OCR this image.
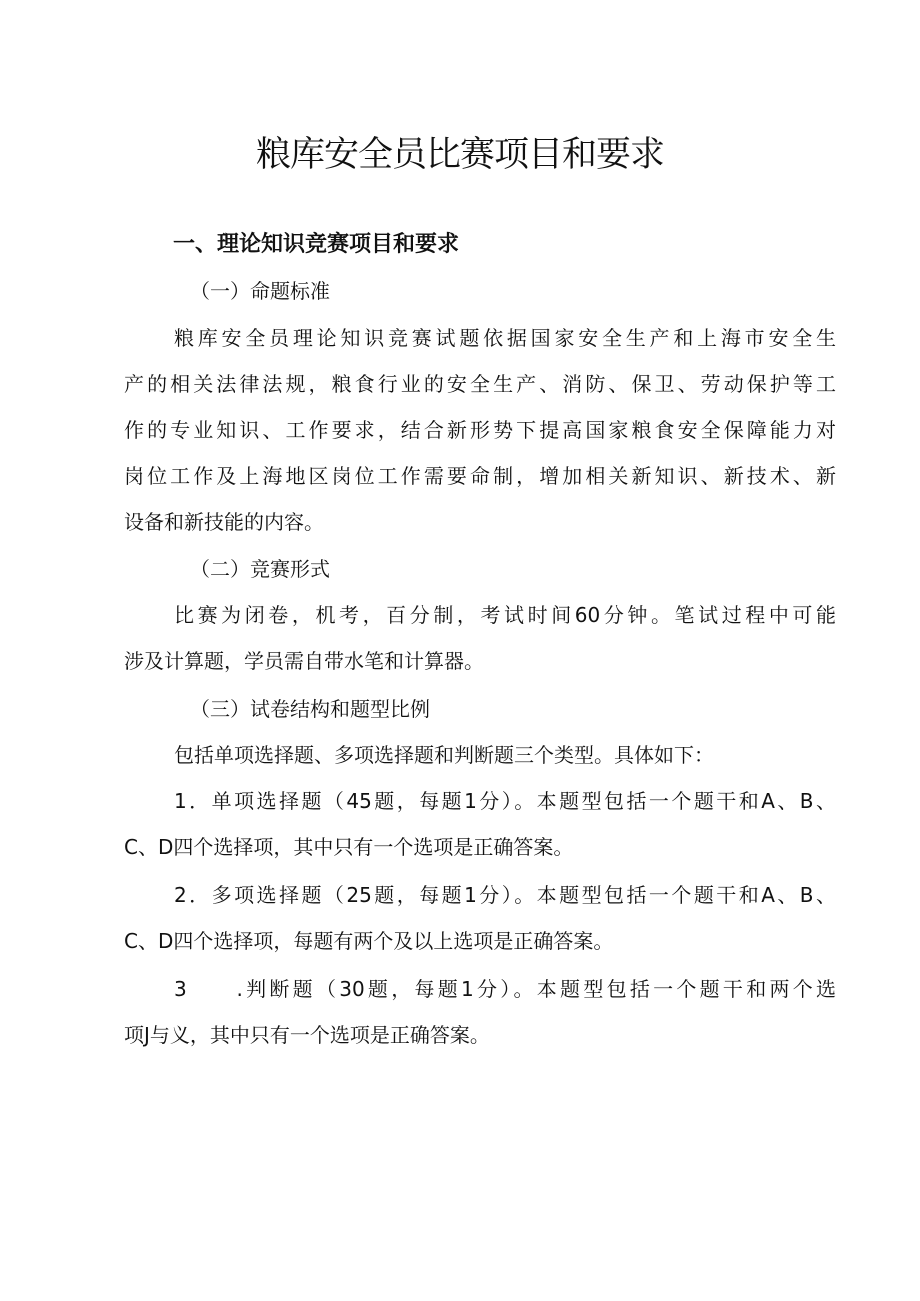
粮库安全员比赛项目和要求
一、理论知识竞赛项目和要求
（一）命题标准
粮库安全员理论知识竞赛试题依据国家安全生产和上海市安全生
产的相关法律法规，粮食行业的安全生产、消防、保卫、劳动保护等工
作的专业知识、工作要求，结合新形势下提高国家粮食安全保障能力对
岗位工作及上海地区岗位工作需要命制，增加相关新知识、新技术、新
设备和新技能的内容。
（二）竞赛形式
比赛为闭卷，机考，百分制，考试时间60分钟。笔试过程中可能
涉及计算题，学员需自带水笔和计算器。
（三）试卷结构和题型比例
包括单项选择题、多项选择题和判断题三个类型。具体如下：
1．单项选择题（45题，每题1分）。本题型包括一个题干和A、B、
C、D四个选择项，其中只有一个选项是正确答案。
2．多项选择题（25题，每题1分）。本题型包括一个题干和A、B、
C、D四个选择项，每题有两个及以上选项是正确答案。
3　　.判断题（30题，每题1分）。本题型包括一个题干和两个选
项J与义，其中只有一个选项是正确答案。
